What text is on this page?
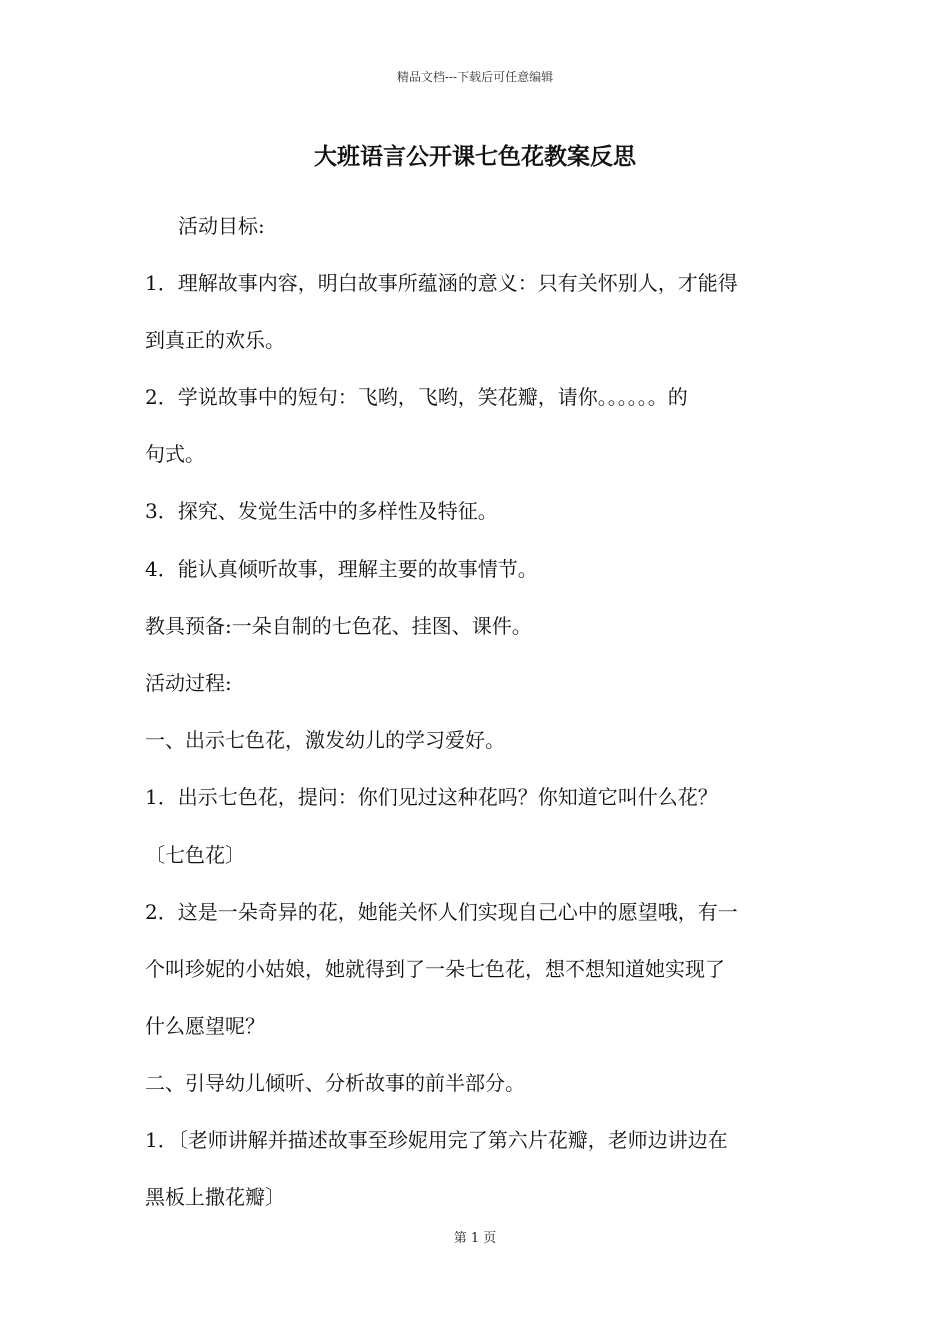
精品文档---下载后可任意编辑
大班语言公开课七色花教案反思
活动目标:
1．理解故事内容，明白故事所蕴涵的意义：只有关怀别人，才能得
到真正的欢乐。
2．学说故事中的短句：飞哟，飞哟，笑花瓣，请你。。。。。。的
句式。
3．探究、发觉生活中的多样性及特征。
4．能认真倾听故事，理解主要的故事情节。
教具预备:一朵自制的七色花、挂图、课件。
活动过程:
一、出示七色花，激发幼儿的学习爱好。
1．出示七色花，提问：你们见过这种花吗？你知道它叫什么花？
〔七色花〕
2．这是一朵奇异的花，她能关怀人们实现自己心中的愿望哦，有一
个叫珍妮的小姑娘，她就得到了一朵七色花，想不想知道她实现了
什么愿望呢？
二、引导幼儿倾听、分析故事的前半部分。
1．〔老师讲解并描述故事至珍妮用完了第六片花瓣，老师边讲边在
黑板上撒花瓣〕
第 1 页
